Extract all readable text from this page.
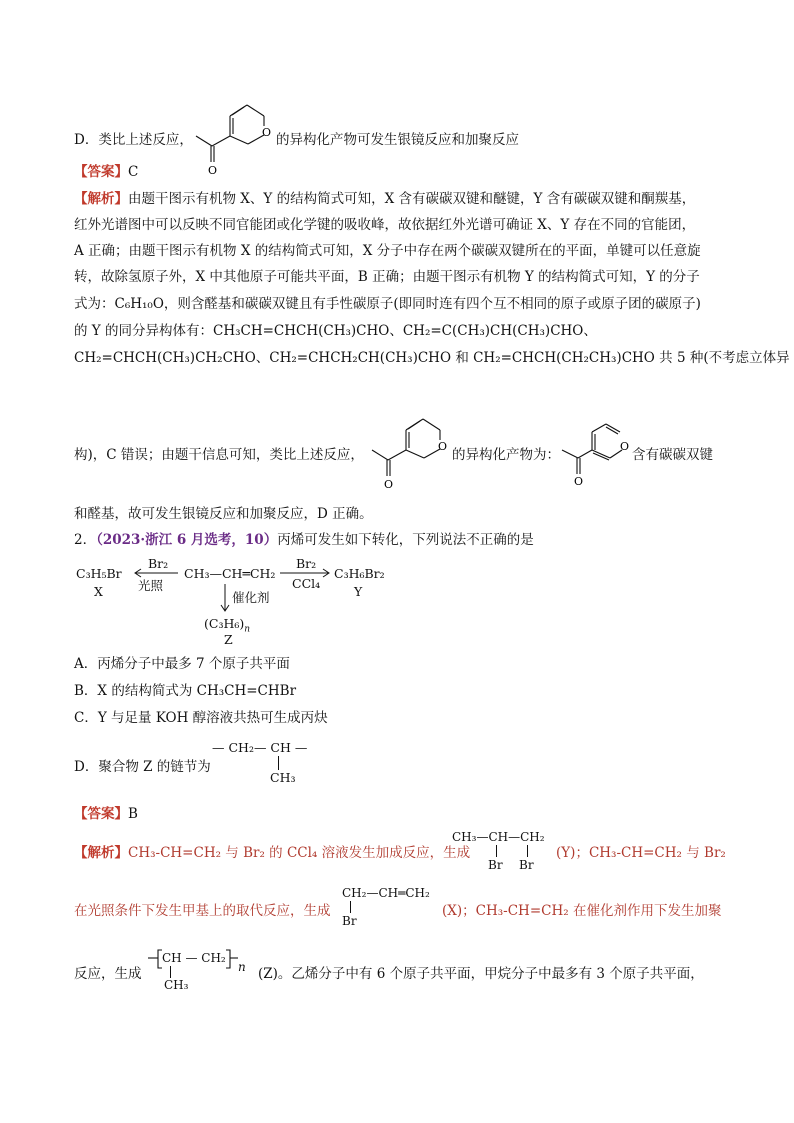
D．类比上述反应，	O
O
的异构化产物可发生银镜反应和加聚反应
【答案】C
【解析】由题干图示有机物 X、Y 的结构简式可知，X 含有碳碳双键和醚键，Y 含有碳碳双键和酮羰基，
红外光谱图中可以反映不同官能团或化学键的吸收峰，故依据红外光谱可确证 X、Y 存在不同的官能团，
A 正确；由题干图示有机物 X 的结构简式可知，X 分子中存在两个碳碳双键所在的平面，单键可以任意旋
转，故除氢原子外，X 中其他原子可能共平面，B 正确；由题干图示有机物 Y 的结构简式可知，Y 的分子
式为：C₆H₁₀O，则含醛基和碳碳双键且有手性碳原子(即同时连有四个互不相同的原子或原子团的碳原子)
的 Y 的同分异构体有：CH₃CH=CHCH(CH₃)CHO、CH₂=C(CH₃)CH(CH₃)CHO、
CH₂=CHCH(CH₃)CH₂CHO、CH₂=CHCH₂CH(CH₃)CHO 和 CH₂=CHCH(CH₂CH₃)CHO 共 5 种(不考虑立体异
构)，C 错误；由题干信息可知，类比上述反应，
O
O
的异构化产物为：
O
O
含有碳碳双键
和醛基，故可发生银镜反应和加聚反应，D 正确。
2．（2023·浙江 6 月选考，10）丙烯可发生如下转化，下列说法不正确的是
C₃H₅Br
X
Br₂
光照
CH₃—CH═CH₂
Br₂
CCl₄
C₃H₆Br₂
Y
催化剂
$(C_3H_6)_n$
Z
A．丙烯分子中最多 7 个原子共平面
B．X 的结构简式为 CH₃CH=CHBr
C．Y 与足量 KOH 醇溶液共热可生成丙炔
D．聚合物 Z 的链节为
— CH₂— CH —
CH₃
【答案】B
【解析】CH₃-CH=CH₂ 与 Br₂ 的 CCl₄ 溶液发生加成反应，生成
CH₃—CH—CH₂
Br Br
(Y)；CH₃-CH=CH₂ 与 Br₂
在光照条件下发生甲基上的取代反应，生成
CH₂—CH═CH₂
Br
(X)；CH₃-CH=CH₂ 在催化剂作用下发生加聚
反应，生成
CH — CH₂
CH₃
n (Z)。乙烯分子中有 6 个原子共平面，甲烷分子中最多有 3 个原子共平面，
